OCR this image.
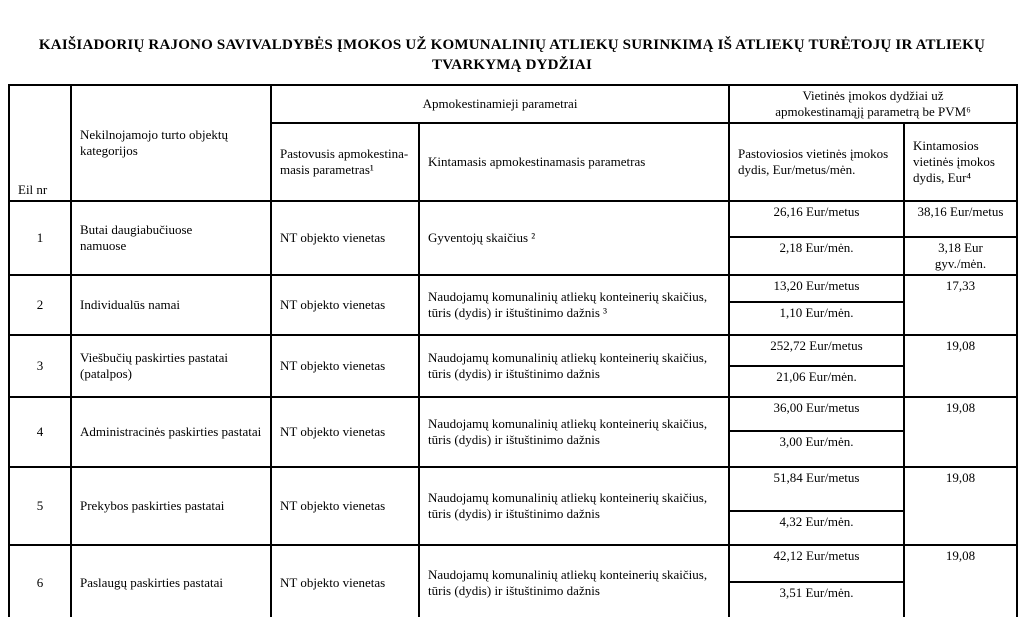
KAIŠIADORIŲ RAJONO SAVIVALDYBĖS ĮMOKOS UŽ KOMUNALINIŲ ATLIEKŲ SURINKIMĄ IŠ ATLIEKŲ TURĖTOJŲ IR ATLIEKŲ
TVARKYMĄ DYDŽIAI
Eil nr	Nekilnojamojo turto objektų kategorijos	Apmokestinamieji parametrai		Vietinės įmokos dydžiai už apmokestinamąjį parametrą be PVM⁶	

		Pastovusis apmokestina-masis parametras¹	Kintamasis apmokestinamasis parametras	Pastoviosios vietinės įmokos dydis, Eur/metus/mėn.	Kintamosios vietinės įmokos dydis, Eur⁴
1	Butai daugiabučiuose namuose	NT objekto vienetas	Gyventojų skaičius ²	26,16 Eur/metus	38,16 Eur/metus
				2,18 Eur/mėn.	3,18 Eur gyv./mėn.
2	Individualūs namai	NT objekto vienetas	Naudojamų komunalinių atliekų konteinerių skaičius, tūris (dydis) ir ištuštinimo dažnis ³	13,20 Eur/metus	17,33
				1,10 Eur/mėn.	
3	Viešbučių paskirties pastatai (patalpos)	NT objekto vienetas	Naudojamų komunalinių atliekų konteinerių skaičius, tūris (dydis) ir ištuštinimo dažnis	252,72 Eur/metus	19,08
				21,06 Eur/mėn.	
4	Administracinės paskirties pastatai	NT objekto vienetas	Naudojamų komunalinių atliekų konteinerių skaičius, tūris (dydis) ir ištuštinimo dažnis	36,00 Eur/metus	19,08
				3,00 Eur/mėn.	
5	Prekybos paskirties pastatai	NT objekto vienetas	Naudojamų komunalinių atliekų konteinerių skaičius, tūris (dydis) ir ištuštinimo dažnis	51,84 Eur/metus	19,08
				4,32 Eur/mėn.	
6	Paslaugų paskirties pastatai	NT objekto vienetas	Naudojamų komunalinių atliekų konteinerių skaičius, tūris (dydis) ir ištuštinimo dažnis	42,12 Eur/metus	19,08
				3,51 Eur/mėn.	
